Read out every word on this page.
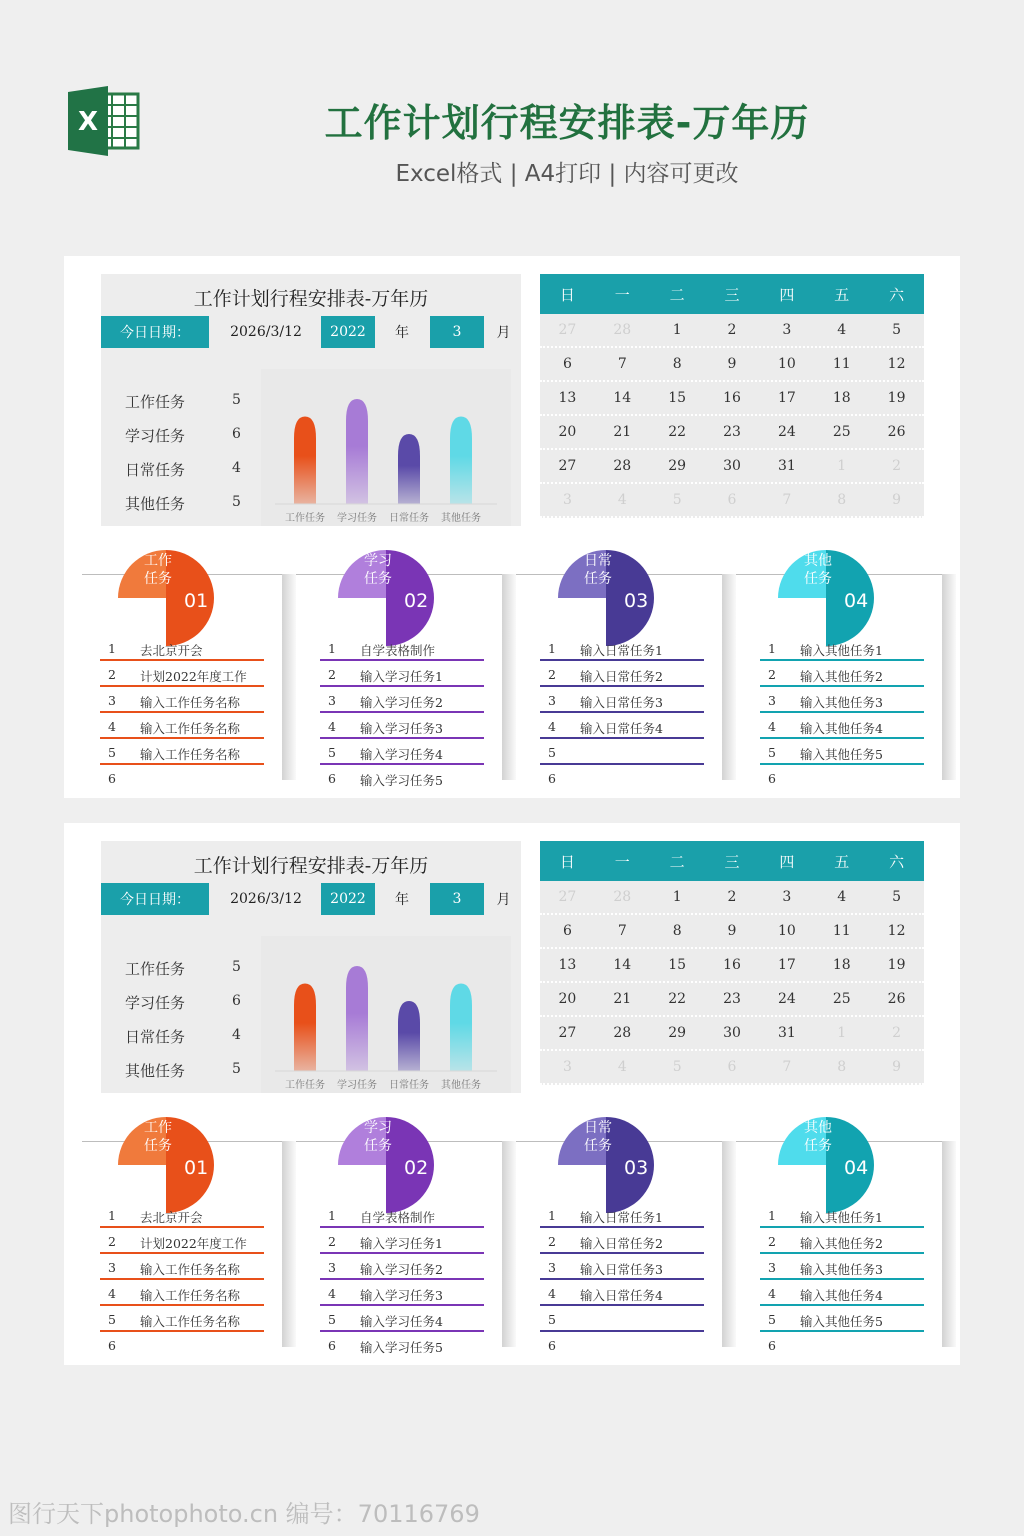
X	工作计划行程安排表-万年历
Excel格式 | A4打印 | 内容可更改
工作计划行程安排表-万年历
今日日期：	2026/3/12	2022	年	3	月
工作任务	5
学习任务	6
日常任务	4
其他任务	5
工作任务 学习任务 日常任务 其他任务
日	一	二	三	四	五	六
27	28	1	2	3	4	5
6	7	8	9	10	11	12
13	14	15	16	17	18	19
20	21	22	23	24	25	26
27	28	29	30	31	1	2
3	4	5	6	7	8	9
工作
任务
01
1 去北京开会
2 计划2022年度工作
3 输入工作任务名称
4 输入工作任务名称
5 输入工作任务名称
6
学习
任务
02
1 自学表格制作
2 输入学习任务1
3 输入学习任务2
4 输入学习任务3
5 输入学习任务4
6 输入学习任务5
日常
任务
03
1 输入日常任务1
2 输入日常任务2
3 输入日常任务3
4 输入日常任务4
5
6
其他
任务
04
1 输入其他任务1
2 输入其他任务2
3 输入其他任务3
4 输入其他任务4
5 输入其他任务5
6
工作计划行程安排表-万年历
今日日期：	2026/3/12	2022	年	3	月
工作任务	5
学习任务	6
日常任务	4
其他任务	5
工作任务 学习任务 日常任务 其他任务
日	一	二	三	四	五	六
27	28	1	2	3	4	5
6	7	8	9	10	11	12
13	14	15	16	17	18	19
20	21	22	23	24	25	26
27	28	29	30	31	1	2
3	4	5	6	7	8	9
工作
任务
01
1 去北京开会
2 计划2022年度工作
3 输入工作任务名称
4 输入工作任务名称
5 输入工作任务名称
6
学习
任务
02
1 自学表格制作
2 输入学习任务1
3 输入学习任务2
4 输入学习任务3
5 输入学习任务4
6 输入学习任务5
日常
任务
03
1 输入日常任务1
2 输入日常任务2
3 输入日常任务3
4 输入日常任务4
5
6
其他
任务
04
1 输入其他任务1
2 输入其他任务2
3 输入其他任务3
4 输入其他任务4
5 输入其他任务5
6
图行天下photophoto.cn 编号：70116769
